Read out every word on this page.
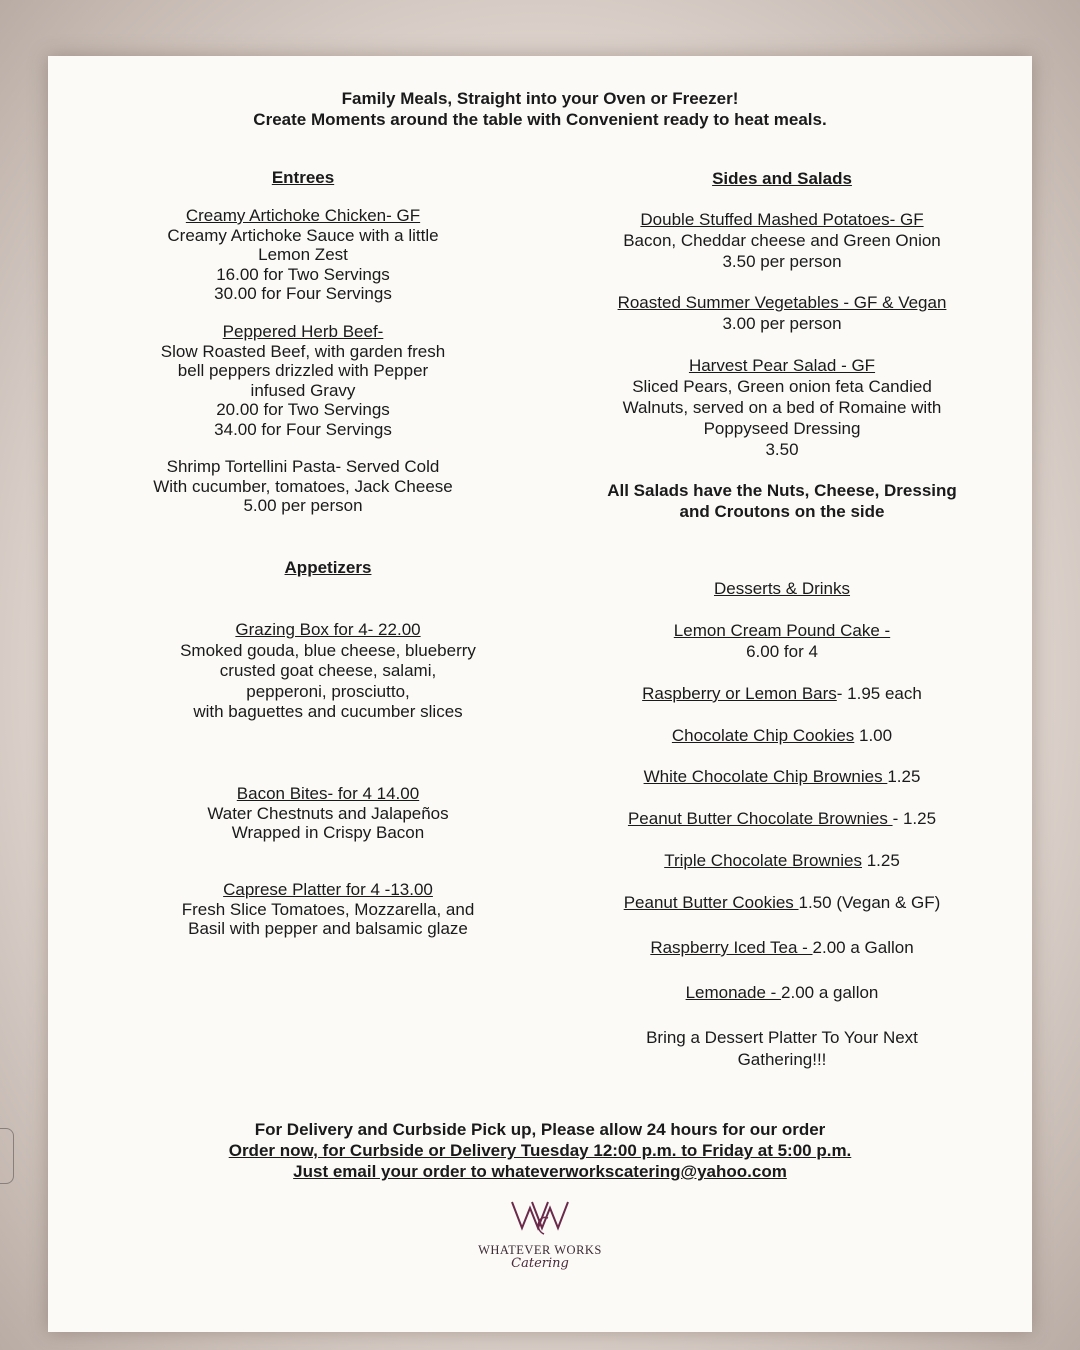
Family Meals, Straight into your Oven or Freezer!
Create Moments around the table with Convenient ready to heat meals.
Entrees
Creamy Artichoke Chicken- GF
Creamy Artichoke Sauce with a little
Lemon Zest
16.00 for Two Servings
30.00 for Four Servings
Peppered Herb Beef-
Slow Roasted Beef, with garden fresh
bell peppers drizzled with Pepper
infused Gravy
20.00 for Two Servings
34.00 for Four Servings
Shrimp Tortellini Pasta- Served Cold
With cucumber, tomatoes, Jack Cheese
5.00 per person
Appetizers
Grazing Box for 4- 22.00
Smoked gouda, blue cheese, blueberry
crusted goat cheese, salami,
pepperoni, prosciutto,
with baguettes and cucumber slices
Bacon Bites- for 4 14.00
Water Chestnuts and Jalapeños
Wrapped in Crispy Bacon
Caprese Platter for 4 -13.00
Fresh Slice Tomatoes, Mozzarella, and
Basil with pepper and balsamic glaze
Sides and Salads
Double Stuffed Mashed Potatoes- GF
Bacon, Cheddar cheese and Green Onion
3.50 per person
Roasted Summer Vegetables - GF & Vegan
3.00 per person
Harvest Pear Salad - GF
Sliced Pears, Green onion feta Candied
Walnuts, served on a bed of Romaine with
Poppyseed Dressing
3.50
All Salads have the Nuts, Cheese, Dressing
and Croutons on the side
Desserts & Drinks
Lemon Cream Pound Cake -
6.00 for 4
Raspberry or Lemon Bars- 1.95 each
Chocolate Chip Cookies 1.00
White Chocolate Chip Brownies 1.25
Peanut Butter Chocolate Brownies - 1.25
Triple Chocolate Brownies 1.25
Peanut Butter Cookies 1.50 (Vegan & GF)
Raspberry Iced Tea - 2.00 a Gallon
Lemonade - 2.00 a gallon
Bring a Dessert Platter To Your Next
Gathering!!!
For Delivery and Curbside Pick up, Please allow 24 hours for our order
Order now, for Curbside or Delivery Tuesday 12:00 p.m. to Friday at 5:00 p.m.
Just email your order to whateverworkscatering@yahoo.com
WHATEVER WORKS
Catering
